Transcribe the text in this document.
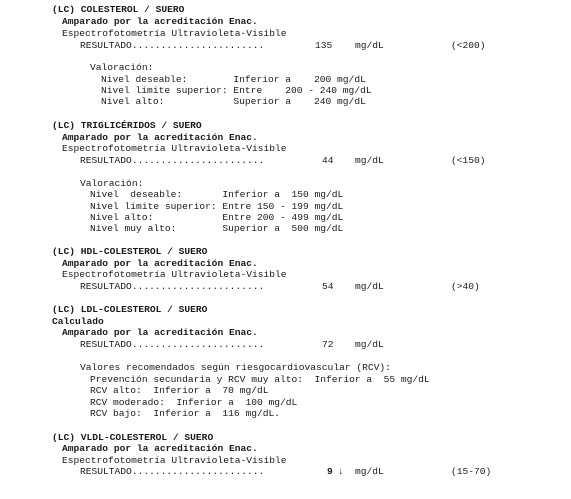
(LC) COLESTEROL / SUERO
Amparado por la acreditación Enac.
Espectrofotometría Ultravioleta-Visible
RESULTADO.......................	135 mg/dL	(<200)
Valoración:
Nivel deseable:        Inferior a    200 mg/dL
Nivel límite superior: Entre    200 - 240 mg/dL
Nivel alto:            Superior a    240 mg/dL
(LC) TRIGLICÉRIDOS / SUERO
Amparado por la acreditación Enac.
Espectrofotometría Ultravioleta-Visible
RESULTADO.......................	44 mg/dL	(<150)
Valoración:
Nivel  deseable:       Inferior a  150 mg/dL
Nivel límite superior: Entre 150 - 199 mg/dL
Nivel alto:            Entre 200 - 499 mg/dL
Nivel muy alto:        Superior a  500 mg/dL
(LC) HDL-COLESTEROL / SUERO
Amparado por la acreditación Enac.
Espectrofotometría Ultravioleta-Visible
RESULTADO.......................	54 mg/dL	(>40)
(LC) LDL-COLESTEROL / SUERO
Calculado
Amparado por la acreditación Enac.
RESULTADO.......................	72 mg/dL
Valores recomendados según riesgocardiovascular (RCV):
Prevención secundaria y RCV muy alto:  Inferior a  55 mg/dL
RCV alto:  Inferior a  70 mg/dL
RCV moderado:  Inferior a  100 mg/dL
RCV bajo:  Inferior a  116 mg/dL.
(LC) VLDL-COLESTEROL / SUERO
Amparado por la acreditación Enac.
Espectrofotometría Ultravioleta-Visible
RESULTADO.......................	9 ↓ mg/dL	(15-70)
